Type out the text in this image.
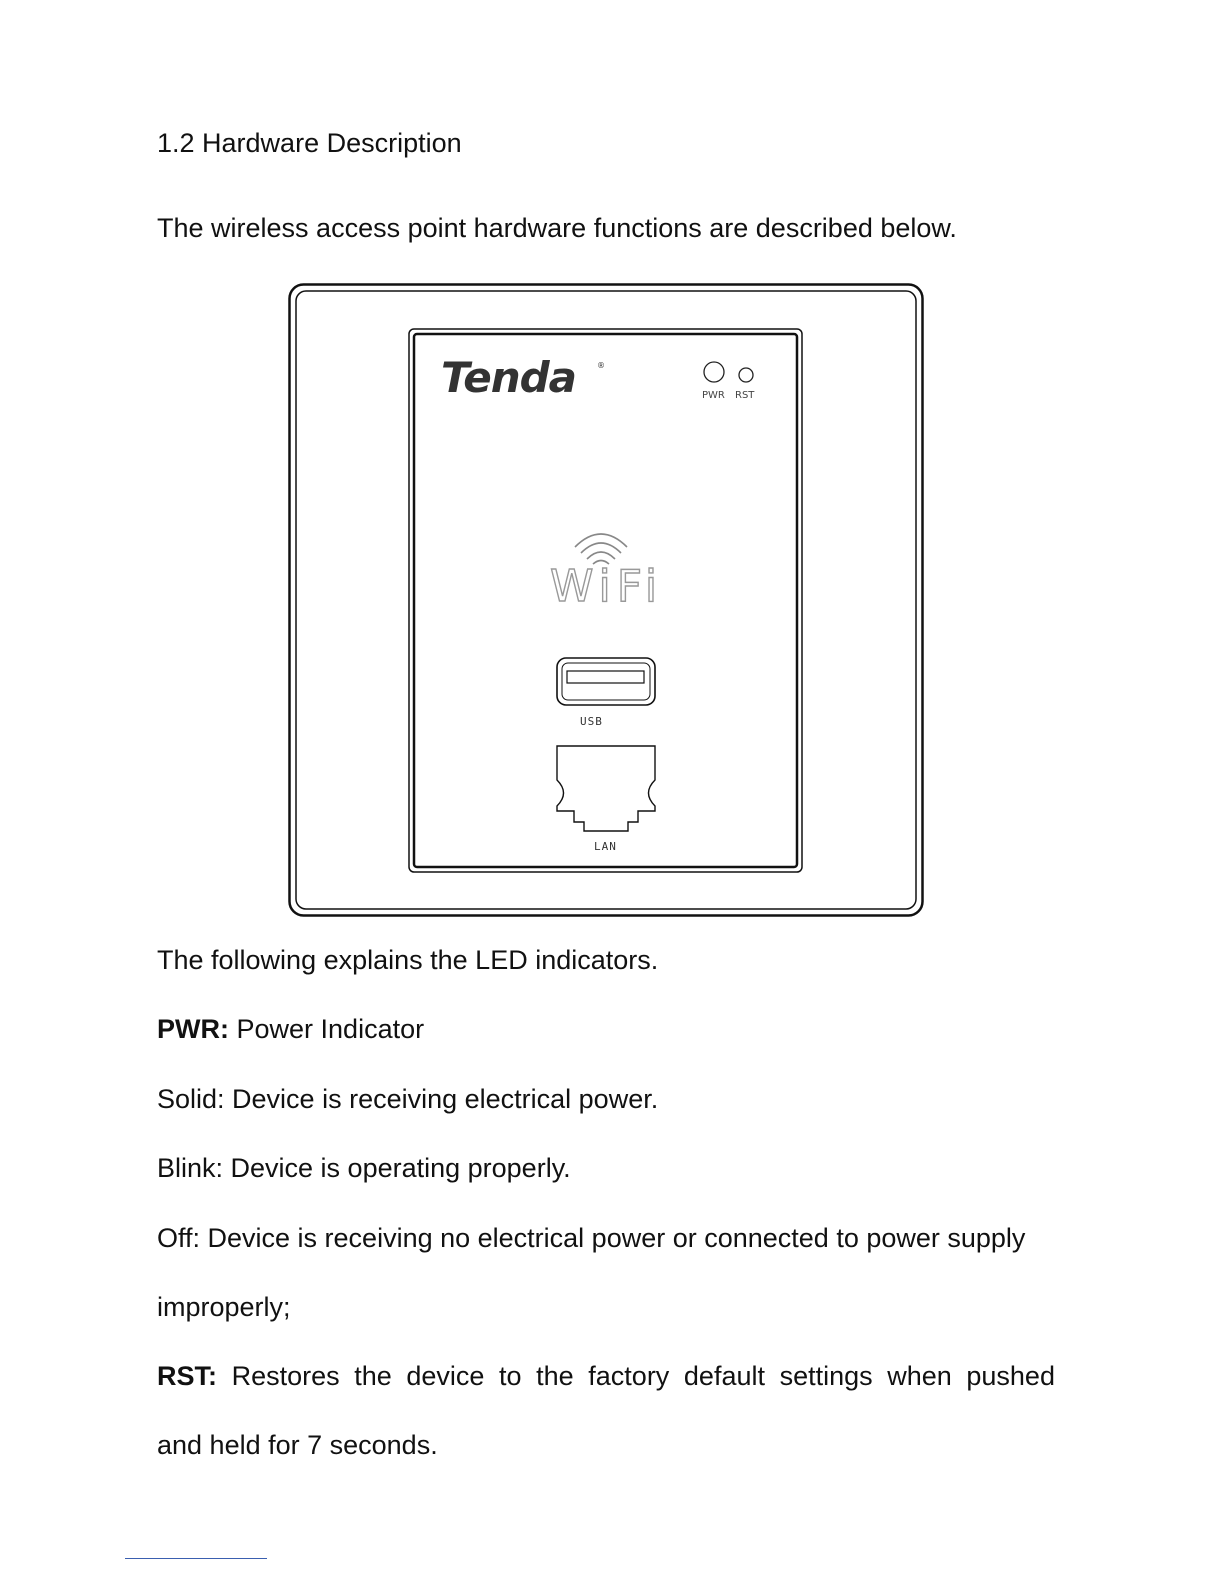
1.2 Hardware Description
The wireless access point hardware functions are described below.
Tenda	®
PWR RST
WiFi
USB
LAN
The following explains the LED indicators.
PWR: Power Indicator
Solid: Device is receiving electrical power.
Blink: Device is operating properly.
Off: Device is receiving no electrical power or connected to power supply
improperly;
RST: Restores the device to the factory default settings when pushed
and held for 7 seconds.
